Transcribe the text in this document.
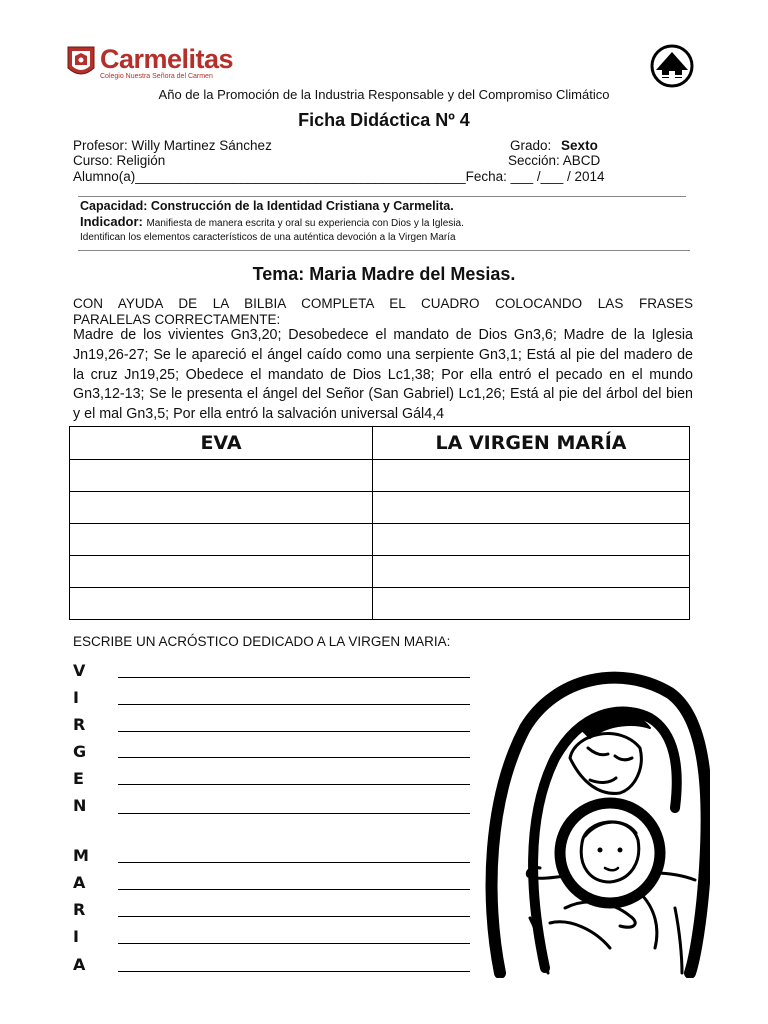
Carmelitas
Colegio Nuestra Señora del Carmen
Año de la Promoción de la Industria Responsable y del Compromiso Climático
Ficha Didáctica Nº 4
Profesor: Willy Martinez Sánchez
Curso: Religión
Alumno(a)____________________________________________Fecha: ___ /___ / 2014
Grado: Sexto
Sección: ABCD
Capacidad: Construcción de la Identidad Cristiana y Carmelita.
Indicador: Manifiesta de manera escrita y oral su experiencia con Dios y la Iglesia.
Identifican los elementos característicos de una auténtica devoción a la Virgen María
Tema: Maria Madre del Mesias.
CON AYUDA DE LA BILBIA COMPLETA EL CUADRO COLOCANDO LAS FRASES
PARALELAS CORRECTAMENTE:
Madre de los vivientes Gn3,20; Desobedece el mandato de Dios Gn3,6; Madre de la Iglesia Jn19,26-27; Se le apareció el ángel caído como una serpiente Gn3,1; Está al pie del madero de la cruz Jn19,25; Obedece el mandato de Dios Lc1,38; Por ella entró el pecado en el mundo Gn3,12-13; Se le presenta el ángel del Señor (San Gabriel) Lc1,26; Está al pie del árbol del bien y el mal Gn3,5; Por ella entró la salvación universal Gál4,4
EVA	LA VIRGEN MARÍA

ESCRIBE UN ACRÓSTICO DEDICADO A LA VIRGEN MARIA:
V
I
R
G
E
N
M
A
R
I
A
